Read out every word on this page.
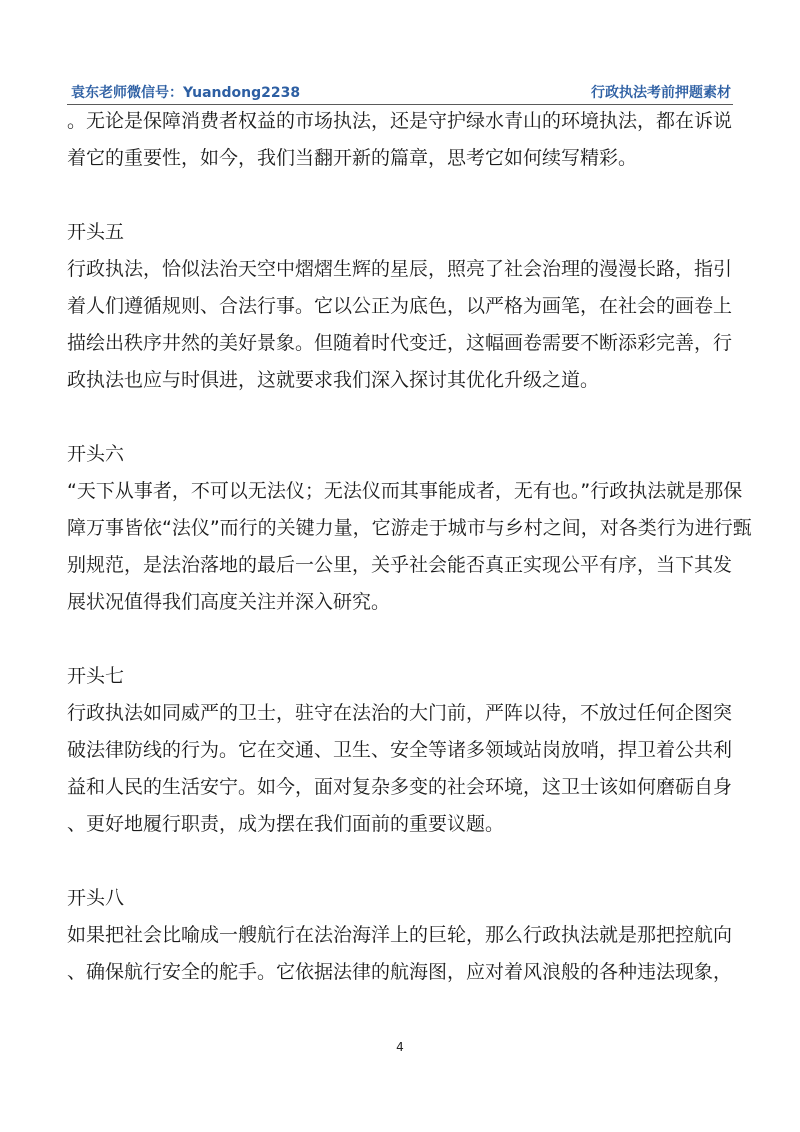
袁东老师微信号：Yuandong2238	行政执法考前押题素材
。无论是保障消费者权益的市场执法，还是守护绿水青山的环境执法，都在诉说
着它的重要性，如今，我们当翻开新的篇章，思考它如何续写精彩。
开头五
行政执法，恰似法治天空中熠熠生辉的星辰，照亮了社会治理的漫漫长路，指引
着人们遵循规则、合法行事。它以公正为底色，以严格为画笔，在社会的画卷上
描绘出秩序井然的美好景象。但随着时代变迁，这幅画卷需要不断添彩完善，行
政执法也应与时俱进，这就要求我们深入探讨其优化升级之道。
开头六
“天下从事者，不可以无法仪；无法仪而其事能成者，无有也。”行政执法就是那保
障万事皆依“法仪”而行的关键力量，它游走于城市与乡村之间，对各类行为进行甄
别规范，是法治落地的最后一公里，关乎社会能否真正实现公平有序，当下其发
展状况值得我们高度关注并深入研究。
开头七
行政执法如同威严的卫士，驻守在法治的大门前，严阵以待，不放过任何企图突
破法律防线的行为。它在交通、卫生、安全等诸多领域站岗放哨，捍卫着公共利
益和人民的生活安宁。如今，面对复杂多变的社会环境，这卫士该如何磨砺自身
、更好地履行职责，成为摆在我们面前的重要议题。
开头八
如果把社会比喻成一艘航行在法治海洋上的巨轮，那么行政执法就是那把控航向
、确保航行安全的舵手。它依据法律的航海图，应对着风浪般的各种违法现象，
4
